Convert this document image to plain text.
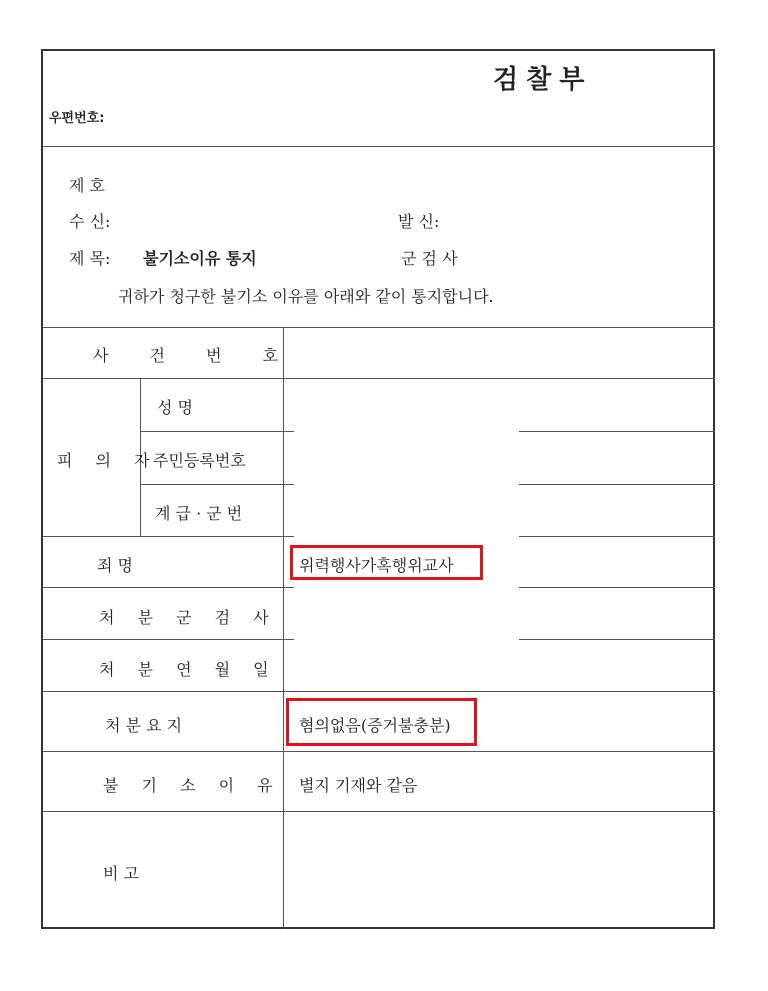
검찰부
우편번호:
제 호
수 신:	발 신:
제 목: 불기소이유 통지	군 검 사
귀하가 청구한 불기소 이유를 아래와 같이 통지합니다.
사 건 번 호
피 의 자
성 명
주민등록번호
계 급 · 군 번
죄 명	위력행사가혹행위교사
처 분 군 검 사
처 분 연 월 일
처 분 요 지	혐의없음(증거불충분)
불 기 소 이 유 별지 기재와 같음
비 고
